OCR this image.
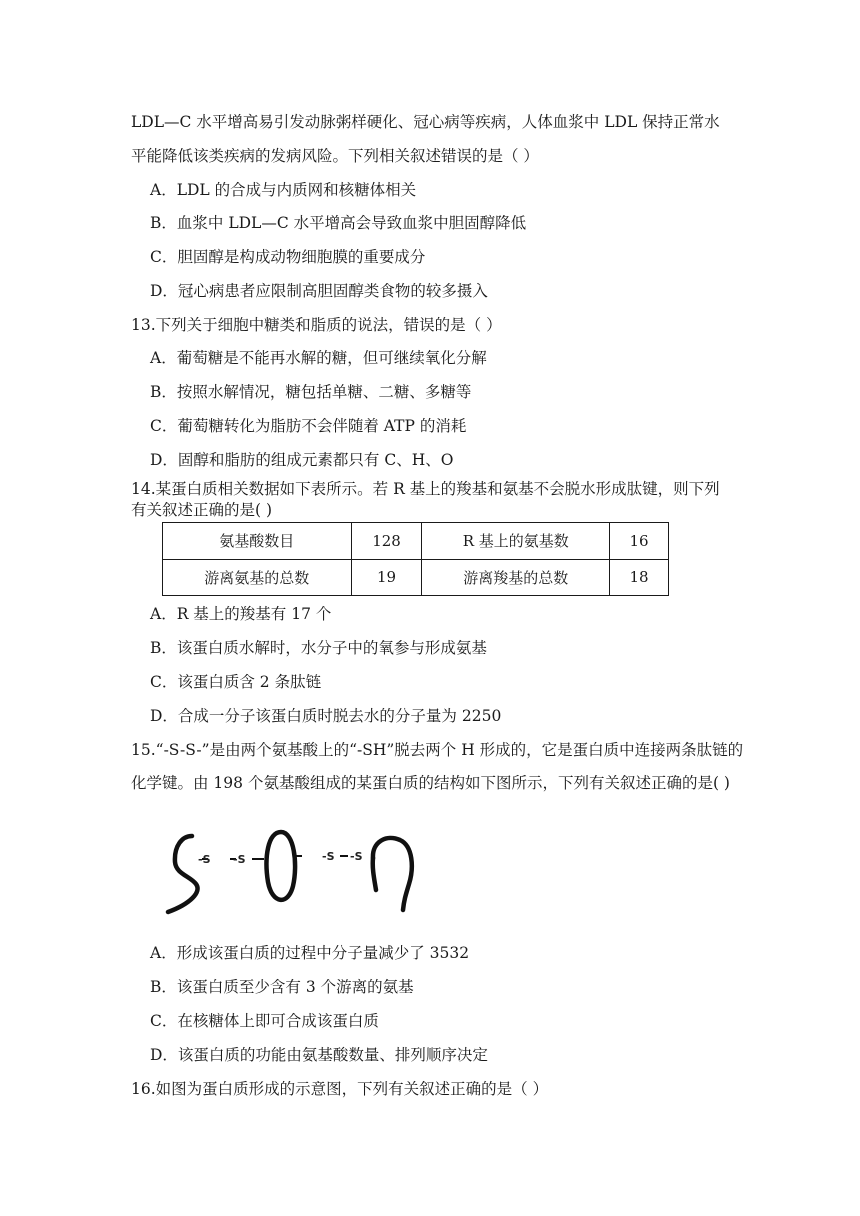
LDL—C 水平增高易引发动脉粥样硬化、冠心病等疾病，人体血浆中 LDL 保持正常水
平能降低该类疾病的发病风险。下列相关叙述错误的是（ ）
A．LDL 的合成与内质网和核糖体相关
B．血浆中 LDL—C 水平增高会导致血浆中胆固醇降低
C．胆固醇是构成动物细胞膜的重要成分
D．冠心病患者应限制高胆固醇类食物的较多摄入
13.下列关于细胞中糖类和脂质的说法，错误的是（ ）
A．葡萄糖是不能再水解的糖，但可继续氧化分解
B．按照水解情况，糖包括单糖、二糖、多糖等
C．葡萄糖转化为脂肪不会伴随着 ATP 的消耗
D．固醇和脂肪的组成元素都只有 C、H、O
14.某蛋白质相关数据如下表所示。若 R 基上的羧基和氨基不会脱水形成肽键，则下列
有关叙述正确的是( )
氨基酸数目	128	R 基上的氨基数	16
游离氨基的总数	19	游离羧基的总数	18
A．R 基上的羧基有 17 个
B．该蛋白质水解时，水分子中的氧参与形成氨基
C．该蛋白质含 2 条肽链
D．合成一分子该蛋白质时脱去水的分子量为 2250
15.“-S-S-”是由两个氨基酸上的“-SH”脱去两个 H 形成的，它是蛋白质中连接两条肽链的
化学键。由 198 个氨基酸组成的某蛋白质的结构如下图所示，下列有关叙述正确的是( )
-S -S	-S -S
A．形成该蛋白质的过程中分子量减少了 3532
B．该蛋白质至少含有 3 个游离的氨基
C．在核糖体上即可合成该蛋白质
D．该蛋白质的功能由氨基酸数量、排列顺序决定
16.如图为蛋白质形成的示意图，下列有关叙述正确的是（ ）
